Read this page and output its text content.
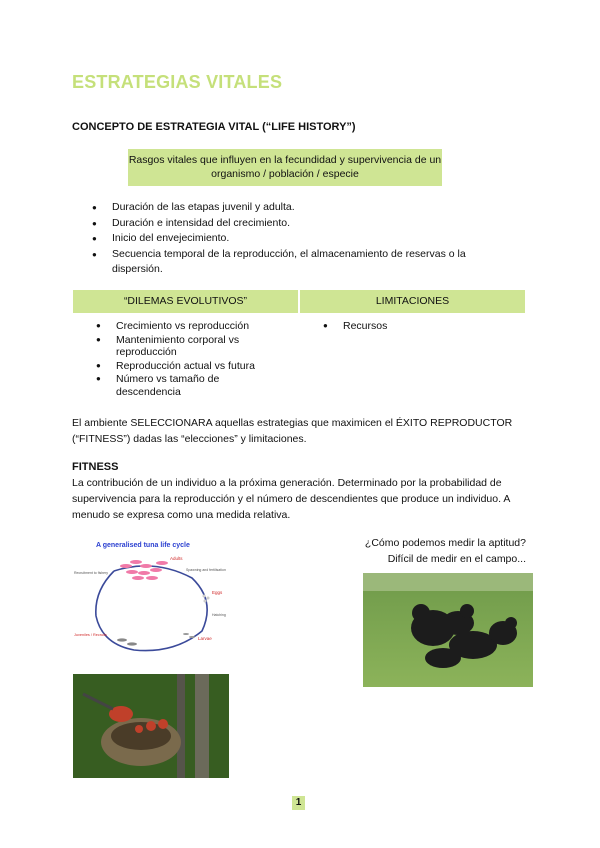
ESTRATEGIAS VITALES
CONCEPTO DE ESTRATEGIA VITAL (“LIFE HISTORY”)
Rasgos vitales que influyen en la fecundidad y supervivencia de un organismo / población / especie
● Duración de las etapas juvenil y adulta.
● Duración e intensidad del crecimiento.
● Inicio del envejecimiento.
● Secuencia temporal de la reproducción, el almacenamiento de reservas o la dispersión.
“DILEMAS EVOLUTIVOS”	LIMITACIONES
● Crecimiento vs reproducción
● Mantenimiento corporal vs reproducción
● Reproducción actual vs futura
● Número vs tamaño de descendencia
● Recursos
El ambiente SELECCIONARA aquellas estrategias que maximicen el ÉXITO REPRODUCTOR (“FITNESS”) dadas las “elecciones” y limitaciones.
FITNESS
La contribución de un individuo a la próxima generación. Determinado por la probabilidad de supervivencia para la reproducción y el número de descendientes que produce un individuo. A menudo se expresa como una medida relativa.
¿Cómo podemos medir la aptitud?
Difícil de medir en el campo...
A generalised tuna life cycle
Adults
Spawning and fertilisation
Eggs
Hatching
Larvae
Juveniles / Recruits
Recruitment to fishery
1
